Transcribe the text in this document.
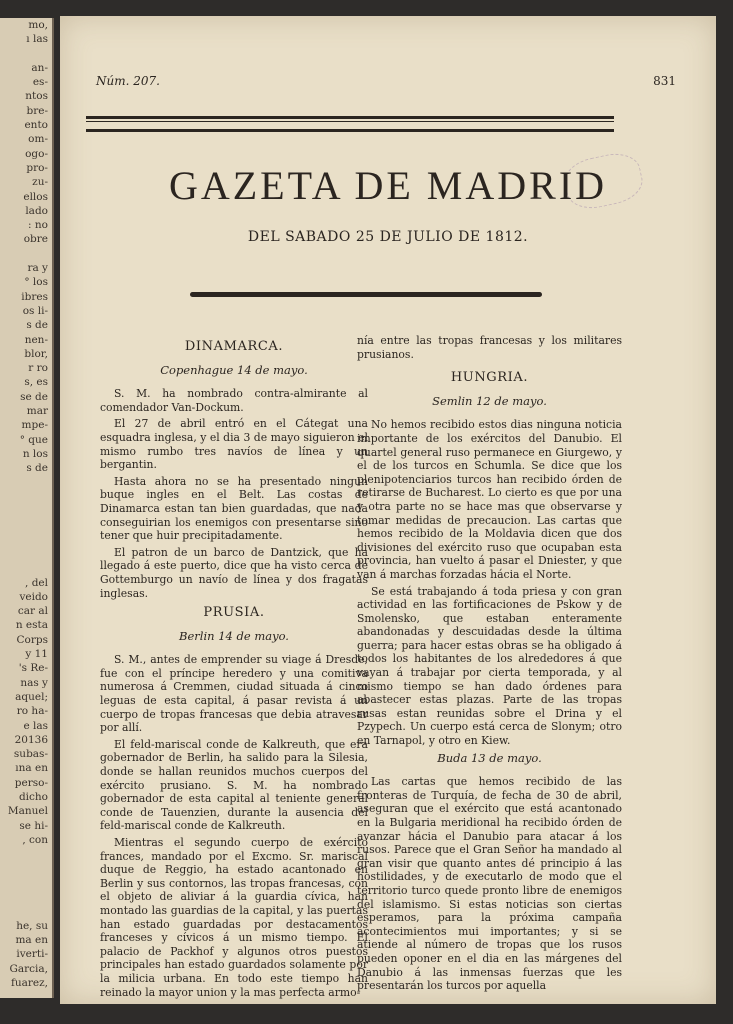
mo,
ı las

an-
es-
ntos
bre-
ento
om-
ogo-
pro-
zu-
ellos
lado
: no
obre

ra y
° los
ibres
os li-
s de
nen-
blor,
r ro
s, es
se de
mar
mpe-
° que
n los
s de

, del
veido
car al
n esta
Corps
y 11
's Re-
nas y
aquel;
ro ha-
e las
20136
subas-
ına en
perso-
dicho
Manuel
se hi-
, con

he, su
ma en
iverti-
Garcia,
fuarez,
Núm. 207.	831
GAZETA DE MADRID
DEL SABADO 25 DE JULIO DE 1812.
DINAMARCA.
Copenhague 14 de mayo.

S. M. ha nombrado contra-almirante al comendador Van-Dockum.

El 27 de abril entró en el Cátegat una esquadra inglesa, y el dia 3 de mayo siguieron el mismo rumbo tres navíos de línea y un bergantin.

Hasta ahora no se ha presentado ningun buque ingles en el Belt. Las costas de Dinamarca estan tan bien guardadas, que nada conseguirian los enemigos con presentarse sino tener que huir precipitadamente.

El patron de un barco de Dantzick, que ha llegado á este puerto, dice que ha visto cerca de Gottemburgo un navío de línea y dos fragatas inglesas.

PRUSIA.
Berlin 14 de mayo.

S. M., antes de emprender su viage á Dresde, fue con el príncipe heredero y una comitiva numerosa á Cremmen, ciudad situada á cinco leguas de esta capital, á pasar revista á un cuerpo de tropas francesas que debia atravesar por allí.

El feld-mariscal conde de Kalkreuth, que era gobernador de Berlin, ha salido para la Silesia, donde se hallan reunidos muchos cuerpos del exército prusiano. S. M. ha nombrado gobernador de esta capital al teniente general conde de Tauenzien, durante la ausencia del feld-mariscal conde de Kalkreuth.

Mientras el segundo cuerpo de exército frances, mandado por el Excmo. Sr. mariscal duque de Reggio, ha estado acantonado en Berlin y sus contornos, las tropas francesas, con el objeto de aliviar á la guardia cívica, han montado las guardias de la capital, y las puertas han estado guardadas por destacamentos franceses y cívicos á un mismo tiempo. El palacio de Packhof y algunos otros puestos principales han estado guardados solamente por la milicia urbana. En todo este tiempo han reinado la mayor union y la mas perfecta armo-

nía entre las tropas francesas y los militares prusianos.

HUNGRIA.
Semlin 12 de mayo.

No hemos recibido estos dias ninguna noticia importante de los exércitos del Danubio. El quartel general ruso permanece en Giurgewo, y el de los turcos en Schumla. Se dice que los plenipotenciarios turcos han recibido órden de retirarse de Bucharest. Lo cierto es que por una y otra parte no se hace mas que observarse y tomar medidas de precaucion. Las cartas que hemos recibido de la Moldavia dicen que dos divisiones del exército ruso que ocupaban esta provincia, han vuelto á pasar el Dniester, y que van á marchas forzadas hácia el Norte.

Se está trabajando á toda priesa y con gran actividad en las fortificaciones de Pskow y de Smolensko, que estaban enteramente abandonadas y descuidadas desde la última guerra; para hacer estas obras se ha obligado á todos los habitantes de los alrededores á que vayan á trabajar por cierta temporada, y al mismo tiempo se han dado órdenes para abastecer estas plazas. Parte de las tropas rusas estan reunidas sobre el Drina y el Pzypech. Un cuerpo está cerca de Slonym; otro en Tarnapol, y otro en Kiew.

Buda 13 de mayo.

Las cartas que hemos recibido de las fronteras de Turquía, de fecha de 30 de abril, aseguran que el exército que está acantonado en la Bulgaria meridional ha recibido órden de avanzar hácia el Danubio para atacar á los rusos. Parece que el Gran Señor ha mandado al gran visir que quanto antes dé principio á las hostilidades, y de executarlo de modo que el territorio turco quede pronto libre de enemigos del islamismo. Si estas noticias son ciertas esperamos, para la próxima campaña acontecimientos mui importantes; y si se atiende al número de tropas que los rusos pueden oponer en el dia en las márgenes del Danubio á las inmensas fuerzas que les presentarán los turcos por aquella
